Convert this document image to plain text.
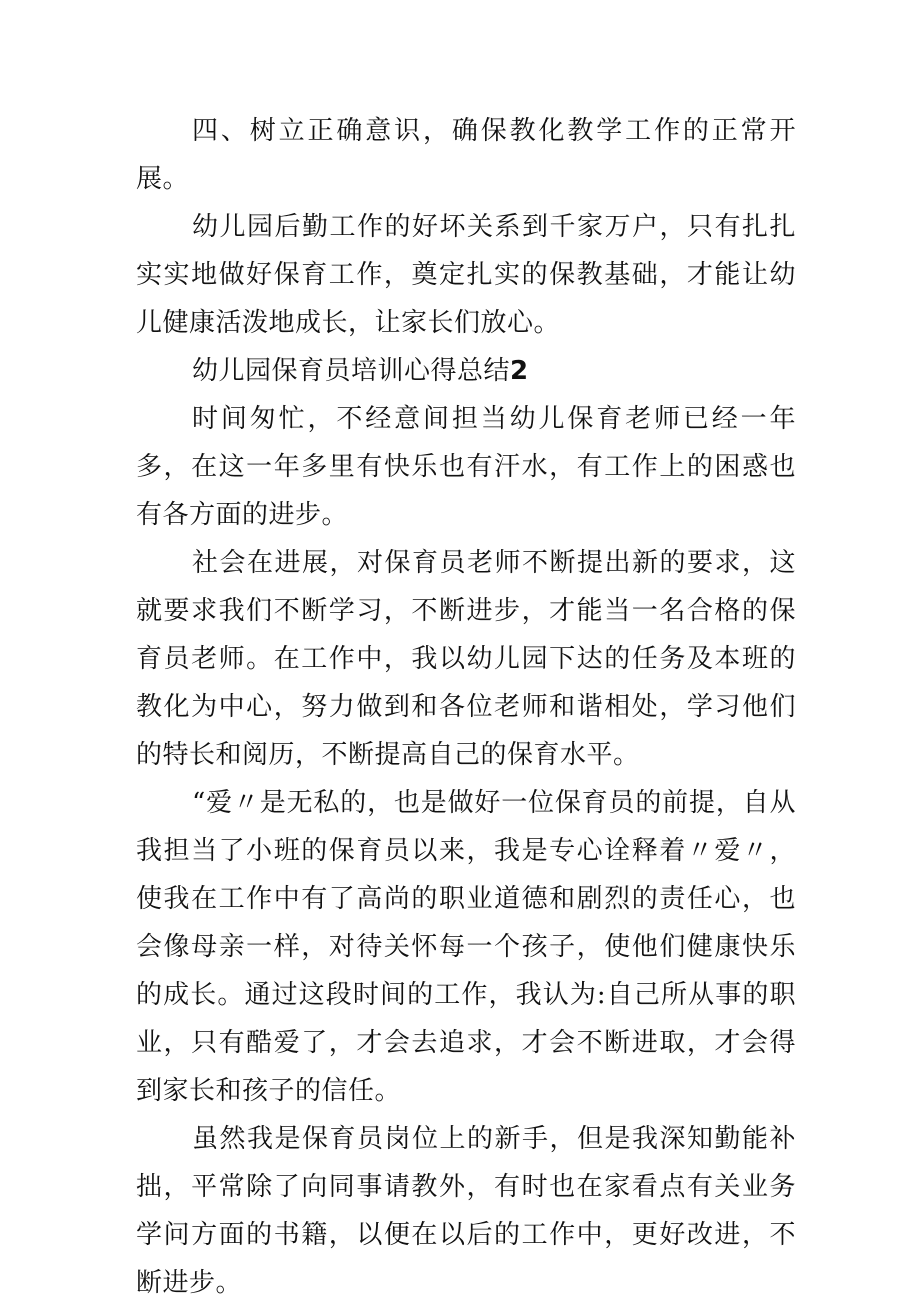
四、树立正确意识，确保教化教学工作的正常开展。

幼儿园后勤工作的好坏关系到千家万户，只有扎扎实实地做好保育工作，奠定扎实的保教基础，才能让幼儿健康活泼地成长，让家长们放心。

幼儿园保育员培训心得总结2

时间匆忙，不经意间担当幼儿保育老师已经一年多，在这一年多里有快乐也有汗水，有工作上的困惑也有各方面的进步。

社会在进展，对保育员老师不断提出新的要求，这就要求我们不断学习，不断进步，才能当一名合格的保育员老师。在工作中，我以幼儿园下达的任务及本班的教化为中心，努力做到和各位老师和谐相处，学习他们的特长和阅历，不断提高自己的保育水平。

“爱〃是无私的，也是做好一位保育员的前提，自从我担当了小班的保育员以来，我是专心诠释着〃爱〃，使我在工作中有了高尚的职业道德和剧烈的责任心，也会像母亲一样，对待关怀每一个孩子，使他们健康快乐的成长。通过这段时间的工作，我认为:自己所从事的职业，只有酷爱了，才会去追求，才会不断进取，才会得到家长和孩子的信任。

虽然我是保育员岗位上的新手，但是我深知勤能补拙，平常除了向同事请教外，有时也在家看点有关业务学问方面的书籍，以便在以后的工作中，更好改进，不断进步。
